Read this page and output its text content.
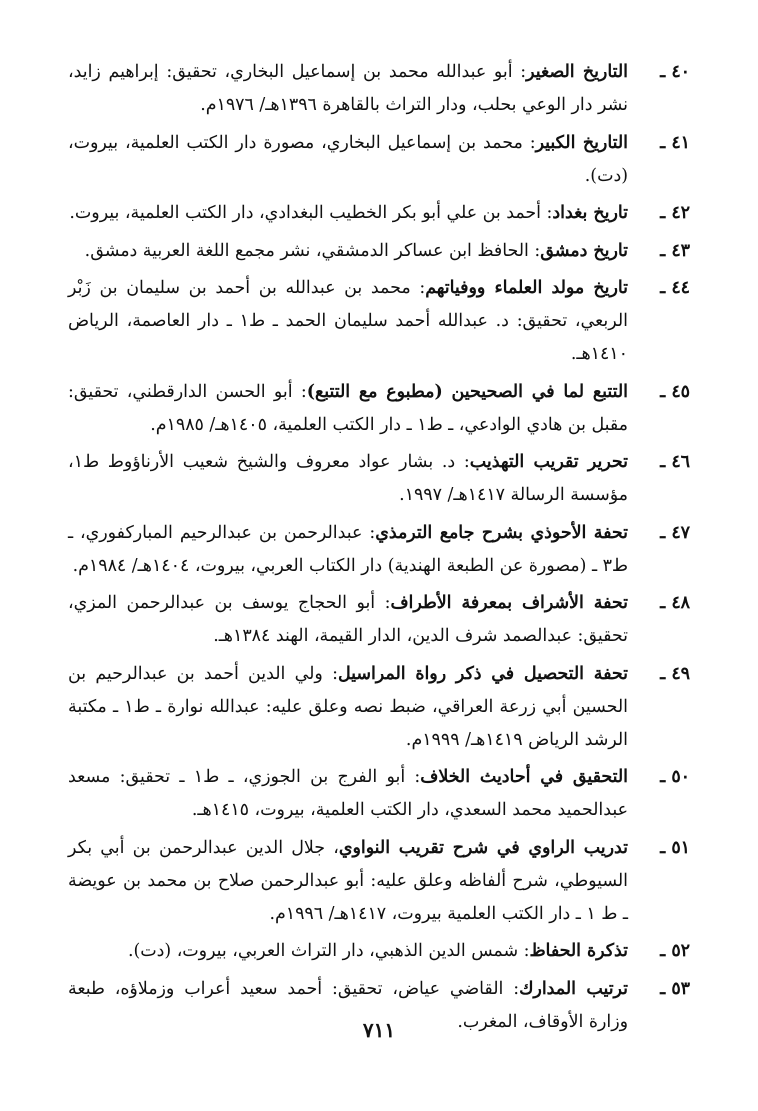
٤٠ ـ
التاريخ الصغير: أبو عبدالله محمد بن إسماعيل البخاري، تحقيق: إبراهيم زايد، نشر دار الوعي بحلب، ودار التراث بالقاهرة ١٣٩٦هـ/ ١٩٧٦م.
٤١ ـ
التاريخ الكبير: محمد بن إسماعيل البخاري، مصورة دار الكتب العلمية، بيروت، (دت).
٤٢ ـ
تاريخ بغداد: أحمد بن علي أبو بكر الخطيب البغدادي، دار الكتب العلمية، بيروت.
٤٣ ـ
تاريخ دمشق: الحافظ ابن عساكر الدمشقي، نشر مجمع اللغة العربية دمشق.
٤٤ ـ
تاريخ مولد العلماء ووفياتهم: محمد بن عبدالله بن أحمد بن سليمان بن زَبْر الربعي، تحقيق: د. عبدالله أحمد سليمان الحمد ـ ط١ ـ دار العاصمة، الرياض ١٤١٠هـ.
٤٥ ـ
التتبع لما في الصحيحين (مطبوع مع التتبع): أبو الحسن الدارقطني، تحقيق: مقبل بن هادي الوادعي، ـ ط١ ـ دار الكتب العلمية، ١٤٠٥هـ/ ١٩٨٥م.
٤٦ ـ
تحرير تقريب التهذيب: د. بشار عواد معروف والشيخ شعيب الأرناؤوط ط١، مؤسسة الرسالة ١٤١٧هـ/ ١٩٩٧.
٤٧ ـ
تحفة الأحوذي بشرح جامع الترمذي: عبدالرحمن بن عبدالرحيم المباركفوري، ـ ط٣ ـ (مصورة عن الطبعة الهندية) دار الكتاب العربي، بيروت، ١٤٠٤هـ/ ١٩٨٤م.
٤٨ ـ
تحفة الأشراف بمعرفة الأطراف: أبو الحجاج يوسف بن عبدالرحمن المزي، تحقيق: عبدالصمد شرف الدين، الدار القيمة، الهند ١٣٨٤هـ.
٤٩ ـ
تحفة التحصيل في ذكر رواة المراسيل: ولي الدين أحمد بن عبدالرحيم بن الحسين أبي زرعة العراقي، ضبط نصه وعلق عليه: عبدالله نوارة ـ ط١ ـ مكتبة الرشد الرياض ١٤١٩هـ/ ١٩٩٩م.
٥٠ ـ
التحقيق في أحاديث الخلاف: أبو الفرج بن الجوزي، ـ ط١ ـ تحقيق: مسعد عبدالحميد محمد السعدي، دار الكتب العلمية، بيروت، ١٤١٥هـ.
٥١ ـ
تدريب الراوي في شرح تقريب النواوي، جلال الدين عبدالرحمن بن أبي بكر السيوطي، شرح ألفاظه وعلق عليه: أبو عبدالرحمن صلاح بن محمد بن عويضة ـ ط ١ ـ دار الكتب العلمية بيروت، ١٤١٧هـ/ ١٩٩٦م.
٥٢ ـ
تذكرة الحفاظ: شمس الدين الذهبي، دار التراث العربي، بيروت، (دت).
٥٣ ـ
ترتيب المدارك: القاضي عياض، تحقيق: أحمد سعيد أعراب وزملاؤه، طبعة وزارة الأوقاف، المغرب.
٧١١
